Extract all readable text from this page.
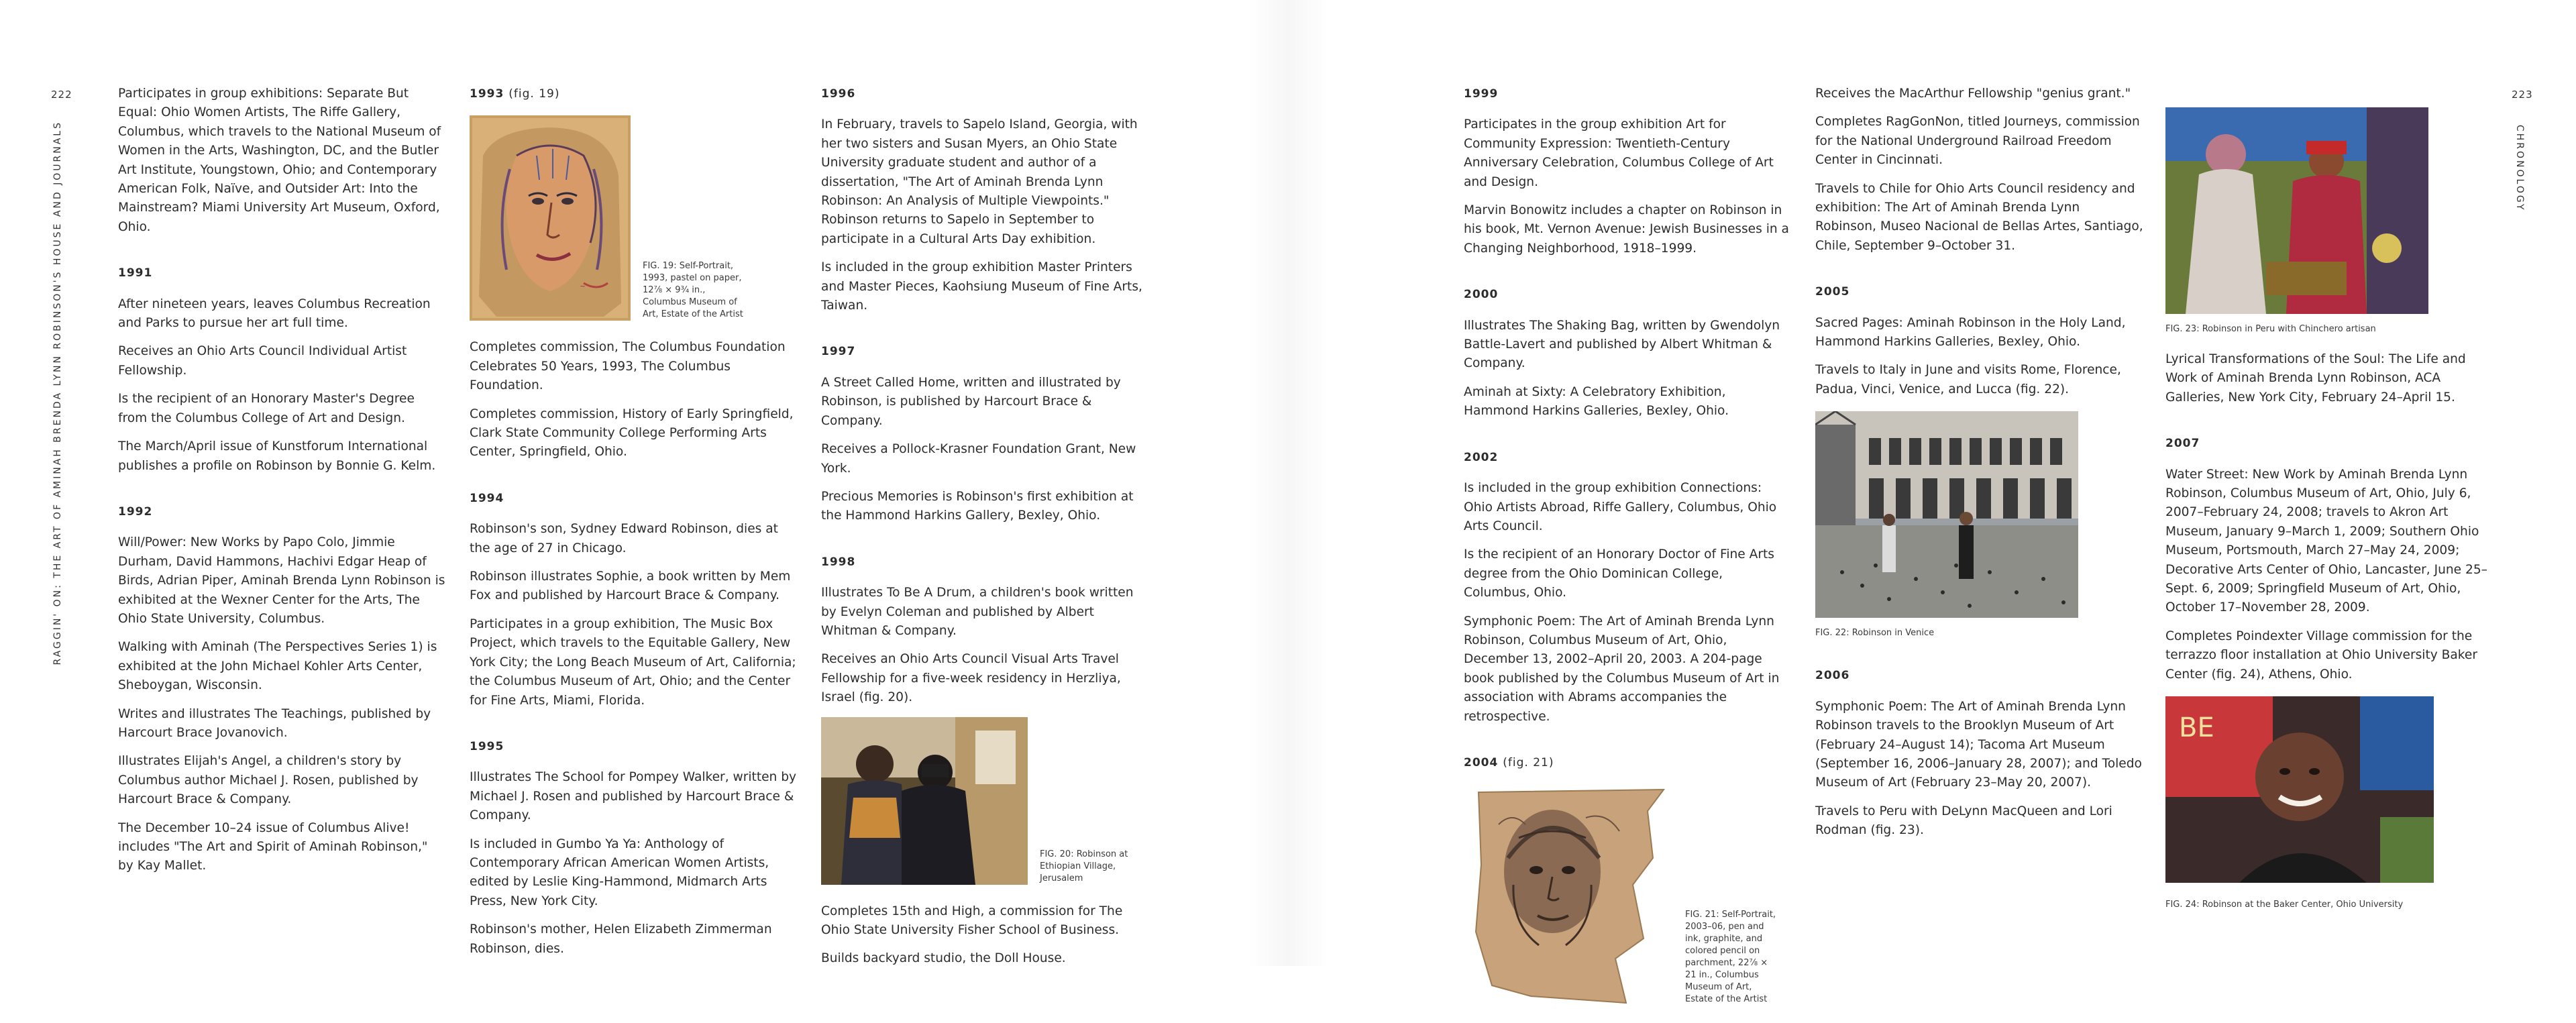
222
RAGGIN' ON: THE ART OF AMINAH BRENDA LYNN ROBINSON'S HOUSE AND JOURNALS

Participates in group exhibitions: Separate But Equal: Ohio Women Artists, The Riffe Gallery, Columbus, which travels to the National Museum of Women in the Arts, Washington, DC, and the Butler Art Institute, Youngstown, Ohio; and Contemporary American Folk, Naïve, and Outsider Art: Into the Mainstream? Miami University Art Museum, Oxford, Ohio.

1991

After nineteen years, leaves Columbus Recreation and Parks to pursue her art full time.

Receives an Ohio Arts Council Individual Artist Fellowship.

Is the recipient of an Honorary Master's Degree from the Columbus College of Art and Design.

The March/April issue of Kunstforum International publishes a profile on Robinson by Bonnie G. Kelm.

1992

Will/Power: New Works by Papo Colo, Jimmie Durham, David Hammons, Hachivi Edgar Heap of Birds, Adrian Piper, Aminah Brenda Lynn Robinson is exhibited at the Wexner Center for the Arts, The Ohio State University, Columbus.

Walking with Aminah (The Perspectives Series 1) is exhibited at the John Michael Kohler Arts Center, Sheboygan, Wisconsin.

Writes and illustrates The Teachings, published by Harcourt Brace Jovanovich.

Illustrates Elijah's Angel, a children's story by Columbus author Michael J. Rosen, published by Harcourt Brace & Company.

The December 10–24 issue of Columbus Alive! includes "The Art and Spirit of Aminah Robinson," by Kay Mallet.

1993 (fig. 19)
~
FIG. 19: Self-Portrait, 1993, pastel on paper, 12⅞ × 9¾ in., Columbus Museum of Art, Estate of the Artist

Completes commission, The Columbus Foundation Celebrates 50 Years, 1993, The Columbus Foundation.

Completes commission, History of Early Springfield, Clark State Community College Performing Arts Center, Springfield, Ohio.

1994

Robinson's son, Sydney Edward Robinson, dies at the age of 27 in Chicago.

Robinson illustrates Sophie, a book written by Mem Fox and published by Harcourt Brace & Company.

Participates in a group exhibition, The Music Box Project, which travels to the Equitable Gallery, New York City; the Long Beach Museum of Art, California; the Columbus Museum of Art, Ohio; and the Center for Fine Arts, Miami, Florida.

1995

Illustrates The School for Pompey Walker, written by Michael J. Rosen and published by Harcourt Brace & Company.

Is included in Gumbo Ya Ya: Anthology of Contemporary African American Women Artists, edited by Leslie King-Hammond, Midmarch Arts Press, New York City.

Robinson's mother, Helen Elizabeth Zimmerman Robinson, dies.

1996

In February, travels to Sapelo Island, Georgia, with her two sisters and Susan Myers, an Ohio State University graduate student and author of a dissertation, "The Art of Aminah Brenda Lynn Robinson: An Analysis of Multiple Viewpoints." Robinson returns to Sapelo in September to participate in a Cultural Arts Day exhibition.

Is included in the group exhibition Master Printers and Master Pieces, Kaohsiung Museum of Fine Arts, Taiwan.

1997

A Street Called Home, written and illustrated by Robinson, is published by Harcourt Brace & Company.

Receives a Pollock-Krasner Foundation Grant, New York.

Precious Memories is Robinson's first exhibition at the Hammond Harkins Gallery, Bexley, Ohio.

1998

Illustrates To Be A Drum, a children's book written by Evelyn Coleman and published by Albert Whitman & Company.

Receives an Ohio Arts Council Visual Arts Travel Fellowship for a five-week residency in Herzliya, Israel (fig. 20).

FIG. 20: Robinson at Ethiopian Village, Jerusalem

Completes 15th and High, a commission for The Ohio State University Fisher School of Business.

Builds backyard studio, the Doll House.

1999

Participates in the group exhibition Art for Community Expression: Twentieth-Century Anniversary Celebration, Columbus College of Art and Design.

Marvin Bonowitz includes a chapter on Robinson in his book, Mt. Vernon Avenue: Jewish Businesses in a Changing Neighborhood, 1918–1999.

2000

Illustrates The Shaking Bag, written by Gwendolyn Battle-Lavert and published by Albert Whitman & Company.

Aminah at Sixty: A Celebratory Exhibition, Hammond Harkins Galleries, Bexley, Ohio.

2002

Is included in the group exhibition Connections: Ohio Artists Abroad, Riffe Gallery, Columbus, Ohio Arts Council.

Is the recipient of an Honorary Doctor of Fine Arts degree from the Ohio Dominican College, Columbus, Ohio.

Symphonic Poem: The Art of Aminah Brenda Lynn Robinson, Columbus Museum of Art, Ohio, December 13, 2002–April 20, 2003. A 204-page book published by the Columbus Museum of Art in association with Abrams accompanies the retrospective.

2004 (fig. 21)
FIG. 21: Self-Portrait, 2003–06, pen and ink, graphite, and colored pencil on parchment, 22⅞ × 21 in., Columbus Museum of Art, Estate of the Artist

Receives the MacArthur Fellowship "genius grant."

Completes RagGonNon, titled Journeys, commission for the National Underground Railroad Freedom Center in Cincinnati.

Travels to Chile for Ohio Arts Council residency and exhibition: The Art of Aminah Brenda Lynn Robinson, Museo Nacional de Bellas Artes, Santiago, Chile, September 9–October 31.

2005

Sacred Pages: Aminah Robinson in the Holy Land, Hammond Harkins Galleries, Bexley, Ohio.

Travels to Italy in June and visits Rome, Florence, Padua, Vinci, Venice, and Lucca (fig. 22).

FIG. 22: Robinson in Venice
2006

Symphonic Poem: The Art of Aminah Brenda Lynn Robinson travels to the Brooklyn Museum of Art (February 24–August 14); Tacoma Art Museum (September 16, 2006–January 28, 2007); and Toledo Museum of Art (February 23–May 20, 2007).

Travels to Peru with DeLynn MacQueen and Lori Rodman (fig. 23).

FIG. 23: Robinson in Peru with Chinchero artisan

Lyrical Transformations of the Soul: The Life and Work of Aminah Brenda Lynn Robinson, ACA Galleries, New York City, February 24–April 15.

2007

Water Street: New Work by Aminah Brenda Lynn Robinson, Columbus Museum of Art, Ohio, July 6, 2007–February 24, 2008; travels to Akron Art Museum, January 9–March 1, 2009; Southern Ohio Museum, Portsmouth, March 27–May 24, 2009; Decorative Arts Center of Ohio, Lancaster, June 25–Sept. 6, 2009; Springfield Museum of Art, Ohio, October 17–November 28, 2009.

Completes Poindexter Village commission for the terrazzo floor installation at Ohio University Baker Center (fig. 24), Athens, Ohio.

BE
FIG. 24: Robinson at the Baker Center, Ohio University
223
CHRONOLOGY
